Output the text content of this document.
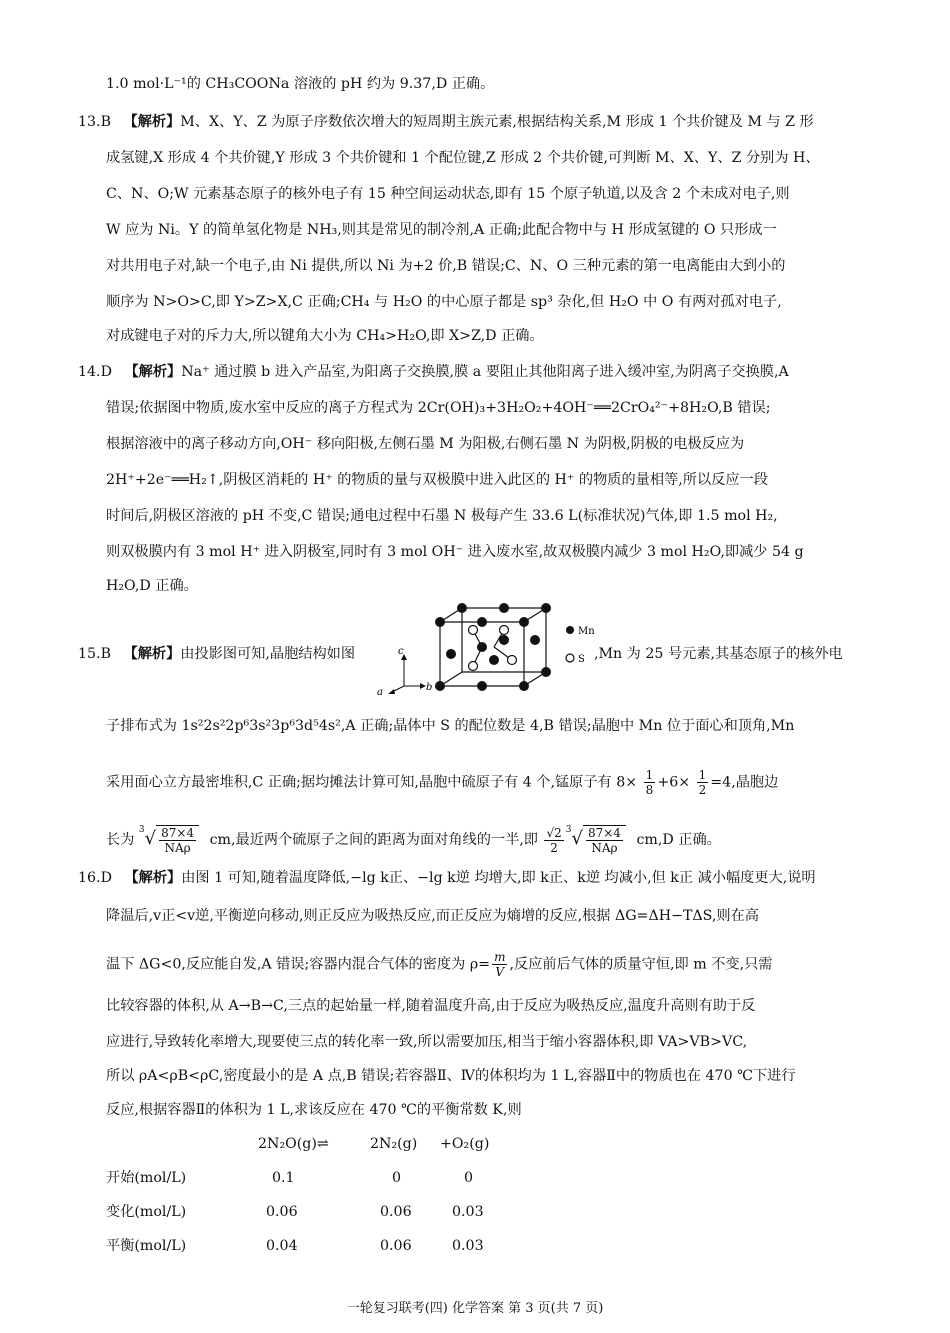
1.0 mol·L⁻¹的 CH₃COONa 溶液的 pH 约为 9.37,D 正确。
13.B 【解析】M、X、Y、Z 为原子序数依次增大的短周期主族元素,根据结构关系,M 形成 1 个共价键及 M 与 Z 形
成氢键,X 形成 4 个共价键,Y 形成 3 个共价键和 1 个配位键,Z 形成 2 个共价键,可判断 M、X、Y、Z 分别为 H、
C、N、O;W 元素基态原子的核外电子有 15 种空间运动状态,即有 15 个原子轨道,以及含 2 个未成对电子,则
W 应为 Ni。Y 的简单氢化物是 NH₃,则其是常见的制冷剂,A 正确;此配合物中与 H 形成氢键的 O 只形成一
对共用电子对,缺一个电子,由 Ni 提供,所以 Ni 为+2 价,B 错误;C、N、O 三种元素的第一电离能由大到小的
顺序为 N>O>C,即 Y>Z>X,C 正确;CH₄ 与 H₂O 的中心原子都是 sp³ 杂化,但 H₂O 中 O 有两对孤对电子,
对成键电子对的斥力大,所以键角大小为 CH₄>H₂O,即 X>Z,D 正确。
14.D 【解析】Na⁺ 通过膜 b 进入产品室,为阳离子交换膜,膜 a 要阻止其他阳离子进入缓冲室,为阴离子交换膜,A
错误;依据图中物质,废水室中反应的离子方程式为 2Cr(OH)₃+3H₂O₂+4OH⁻══2CrO₄²⁻+8H₂O,B 错误;
根据溶液中的离子移动方向,OH⁻ 移向阳极,左侧石墨 M 为阳极,右侧石墨 N 为阴极,阴极的电极反应为
2H⁺+2e⁻══H₂↑,阴极区消耗的 H⁺ 的物质的量与双极膜中进入此区的 H⁺ 的物质的量相等,所以反应一段
时间后,阴极区溶液的 pH 不变,C 错误;通电过程中石墨 N 极每产生 33.6 L(标准状况)气体,即 1.5 mol H₂,
则双极膜内有 3 mol H⁺ 进入阴极室,同时有 3 mol OH⁻ 进入废水室,故双极膜内减少 3 mol H₂O,即减少 54 g
H₂O,D 正确。
15.B 【解析】由投影图可知,晶胞结构如图	c
a	b
Mn
S ,Mn 为 25 号元素,其基态原子的核外电
子排布式为 1s²2s²2p⁶3s²3p⁶3d⁵4s²,A 正确;晶体中 S 的配位数是 4,B 错误;晶胞中 Mn 位于面心和顶角,Mn
采用面心立方最密堆积,C 正确;据均摊法计算可知,晶胞中硫原子有 4 个,锰原子有 $8\times \frac{1}{8} +6\times \frac{1}{2} =4$,晶胞边
长为 $^3√ \frac{87\times 4}{\text{NAρ}}$ cm,最近两个硫原子之间的距离为面对角线的一半,即 $\frac{√2}{2} ^3√ \frac{87\times 4}{\text{NAρ}} cm,D$ 正确。
16.D 【解析】由图 1 可知,随着温度降低,−lg k正、−lg k逆 均增大,即 k正、k逆 均减小,但 k正 减小幅度更大,说明
降温后,v正<v逆,平衡逆向移动,则正反应为吸热反应,而正反应为熵增的反应,根据 ΔG=ΔH−TΔS,则在高
温下 ΔG<0,反应能自发,A 错误;容器内混合气体的密度为 $\rho= \frac{m}{V}$ ,反应前后气体的质量守恒,即 m 不变,只需
比较容器的体积,从 A→B→C,三点的起始量一样,随着温度升高,由于反应为吸热反应,温度升高则有助于反
应进行,导致转化率增大,现要使三点的转化率一致,所以需要加压,相当于缩小容器体积,即 VA>VB>VC,
所以 ρA<ρB<ρC,密度最小的是 A 点,B 错误;若容器Ⅱ、Ⅳ的体积均为 1 L,容器Ⅱ中的物质也在 470 ℃下进行
反应,根据容器Ⅱ的体积为 1 L,求该反应在 470 ℃的平衡常数 K,则
2N₂O(g)⇌	2N₂(g) +O₂(g)
开始(mol/L)	0.1	0	0
变化(mol/L)	0.06	0.06	0.03
平衡(mol/L)	0.04	0.06	0.03
一轮复习联考(四) 化学答案 第 3 页(共 7 页)
